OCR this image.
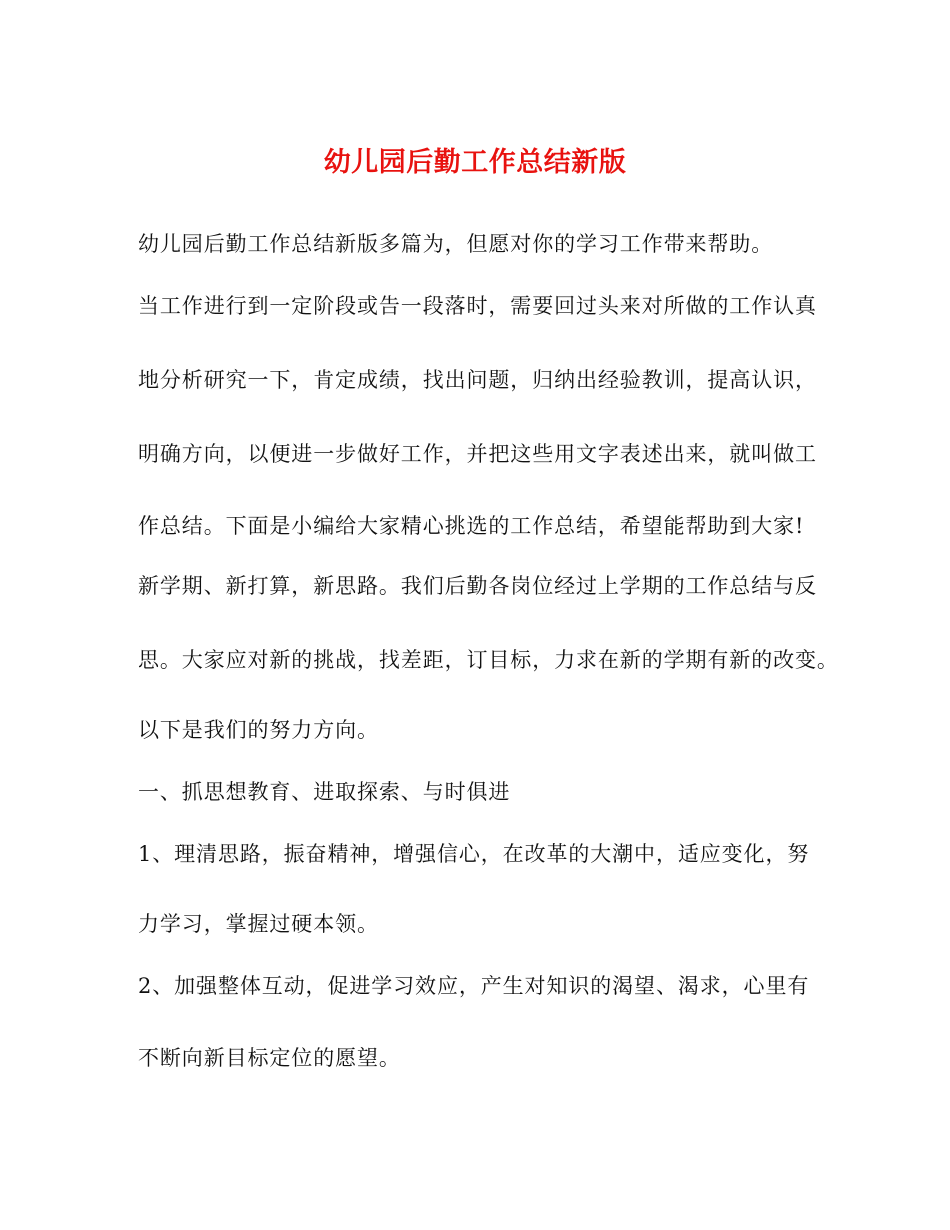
幼儿园后勤工作总结新版
幼儿园后勤工作总结新版多篇为，但愿对你的学习工作带来帮助。
当工作进行到一定阶段或告一段落时，需要回过头来对所做的工作认真
地分析研究一下，肯定成绩，找出问题，归纳出经验教训，提高认识，
明确方向，以便进一步做好工作，并把这些用文字表述出来，就叫做工
作总结。下面是小编给大家精心挑选的工作总结，希望能帮助到大家!
新学期、新打算，新思路。我们后勤各岗位经过上学期的工作总结与反
思。大家应对新的挑战，找差距，订目标，力求在新的学期有新的改变。
以下是我们的努力方向。
一、抓思想教育、进取探索、与时俱进
1、理清思路，振奋精神，增强信心，在改革的大潮中，适应变化，努
力学习，掌握过硬本领。
2、加强整体互动，促进学习效应，产生对知识的渴望、渴求，心里有
不断向新目标定位的愿望。
